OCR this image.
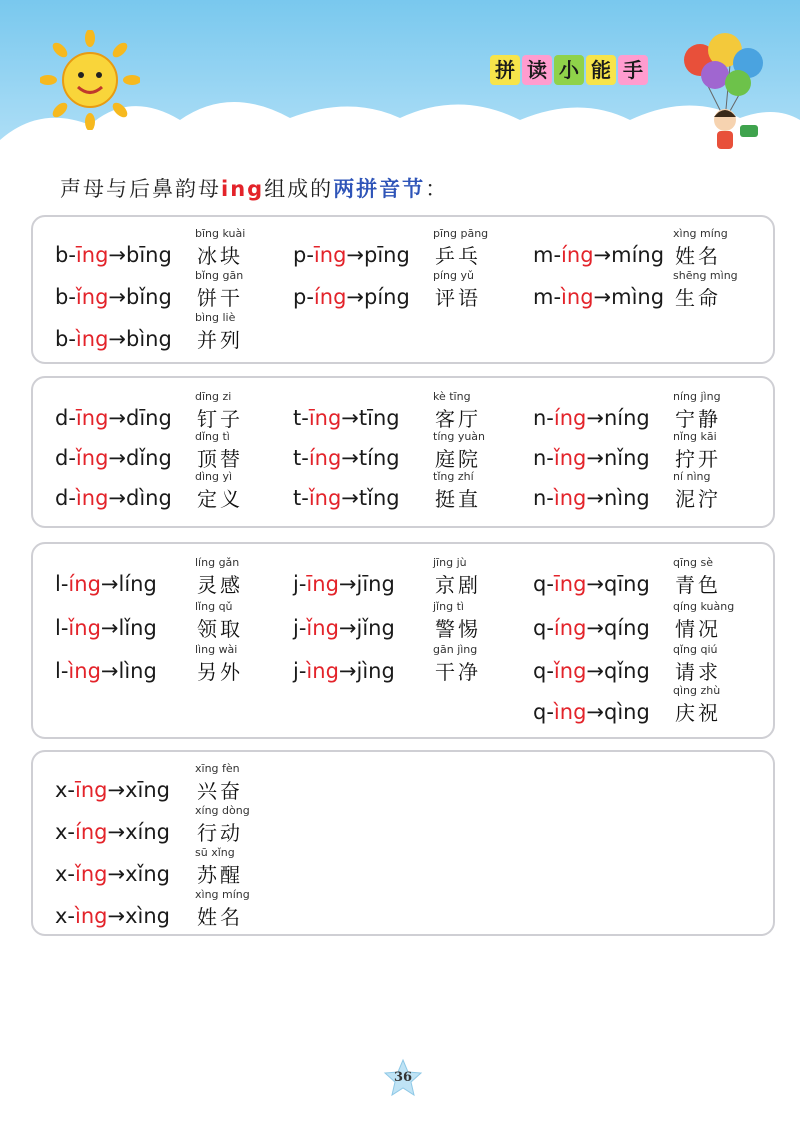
拼 读 小 能 手
声母与后鼻韵母ing组成的两拼音节：
b-īng→bīng
bīng kuài
冰块 p-īng→pīng
pīng pāng
乒乓 m-íng→míng
xìng míng
姓名
b-ǐng→bǐng
bǐng gān
饼干 p-íng→píng
píng yǔ
评语 m-ìng→mìng
shēng mìng
生命
b-ìng→bìng
bìng liè
并列
d-īng→dīng
dīng zi
钉子 t-īng→tīng
kè tīng
客厅 n-íng→níng
níng jìng
宁静
d-ǐng→dǐng
dǐng tì
顶替 t-íng→tíng
tíng yuàn
庭院 n-ǐng→nǐng
nǐng kāi
拧开
d-ìng→dìng
dìng yì
定义 t-ǐng→tǐng
tǐng zhí
挺直 n-ìng→nìng
ní nìng
泥泞
l-íng→líng
líng gǎn
灵感 j-īng→jīng
jīng jù
京剧 q-īng→qīng
qīng sè
青色
l-ǐng→lǐng
lǐng qǔ
领取 j-ǐng→jǐng
jǐng tì
警惕 q-íng→qíng
qíng kuàng
情况
l-ìng→lìng
lìng wài
另外 j-ìng→jìng
gān jìng
干净 q-ǐng→qǐng
qǐng qiú
请求
q-ìng→qìng
qìng zhù
庆祝
x-īng→xīng
xīng fèn
兴奋
x-íng→xíng
xíng dòng
行动
x-ǐng→xǐng
sū xǐng
苏醒
x-ìng→xìng
xìng míng
姓名
36
